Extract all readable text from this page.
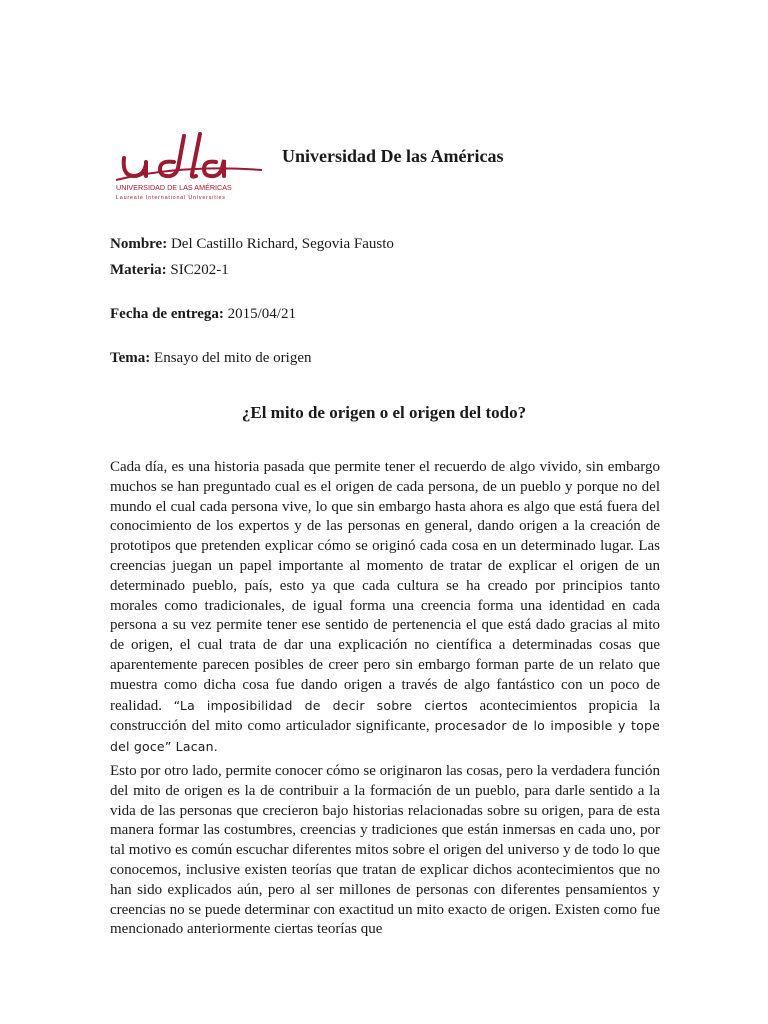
UNIVERSIDAD DE LAS AMÉRICAS
Laureate International Universities
Universidad De las Américas
Nombre: Del Castillo Richard, Segovia Fausto
Materia: SIC202-1
Fecha de entrega: 2015/04/21
Tema: Ensayo del mito de origen
¿El mito de origen o el origen del todo?
Cada día, es una historia pasada que permite tener el recuerdo de algo vivido, sin embargo muchos se han preguntado cual es el origen de cada persona, de un pueblo y porque no del mundo el cual cada persona vive, lo que sin embargo hasta ahora es algo que está fuera del conocimiento de los expertos y de las personas en general, dando origen a la creación de prototipos que pretenden explicar cómo se originó cada cosa en un determinado lugar. Las creencias juegan un papel importante al momento de tratar de explicar el origen de un determinado pueblo, país, esto ya que cada cultura se ha creado por principios tanto morales como tradicionales, de igual forma una creencia forma una identidad en cada persona a su vez permite tener ese sentido de pertenencia el que está dado gracias al mito de origen, el cual trata de dar una explicación no científica a determinadas cosas que aparentemente parecen posibles de creer pero sin embargo forman parte de un relato que muestra como dicha cosa fue dando origen a través de algo fantástico con un poco de realidad. “La imposibilidad de decir sobre ciertos acontecimientos propicia la construcción del mito como articulador significante, procesador de lo imposible y tope del goce” Lacan.
Esto por otro lado, permite conocer cómo se originaron las cosas, pero la verdadera función del mito de origen es la de contribuir a la formación de un pueblo, para darle sentido a la vida de las personas que crecieron bajo historias relacionadas sobre su origen, para de esta manera formar las costumbres, creencias y tradiciones que están inmersas en cada uno, por tal motivo es común escuchar diferentes mitos sobre el origen del universo y de todo lo que conocemos, inclusive existen teorías que tratan de explicar dichos acontecimientos que no han sido explicados aún, pero al ser millones de personas con diferentes pensamientos y creencias no se puede determinar con exactitud un mito exacto de origen. Existen como fue mencionado anteriormente ciertas teorías que
